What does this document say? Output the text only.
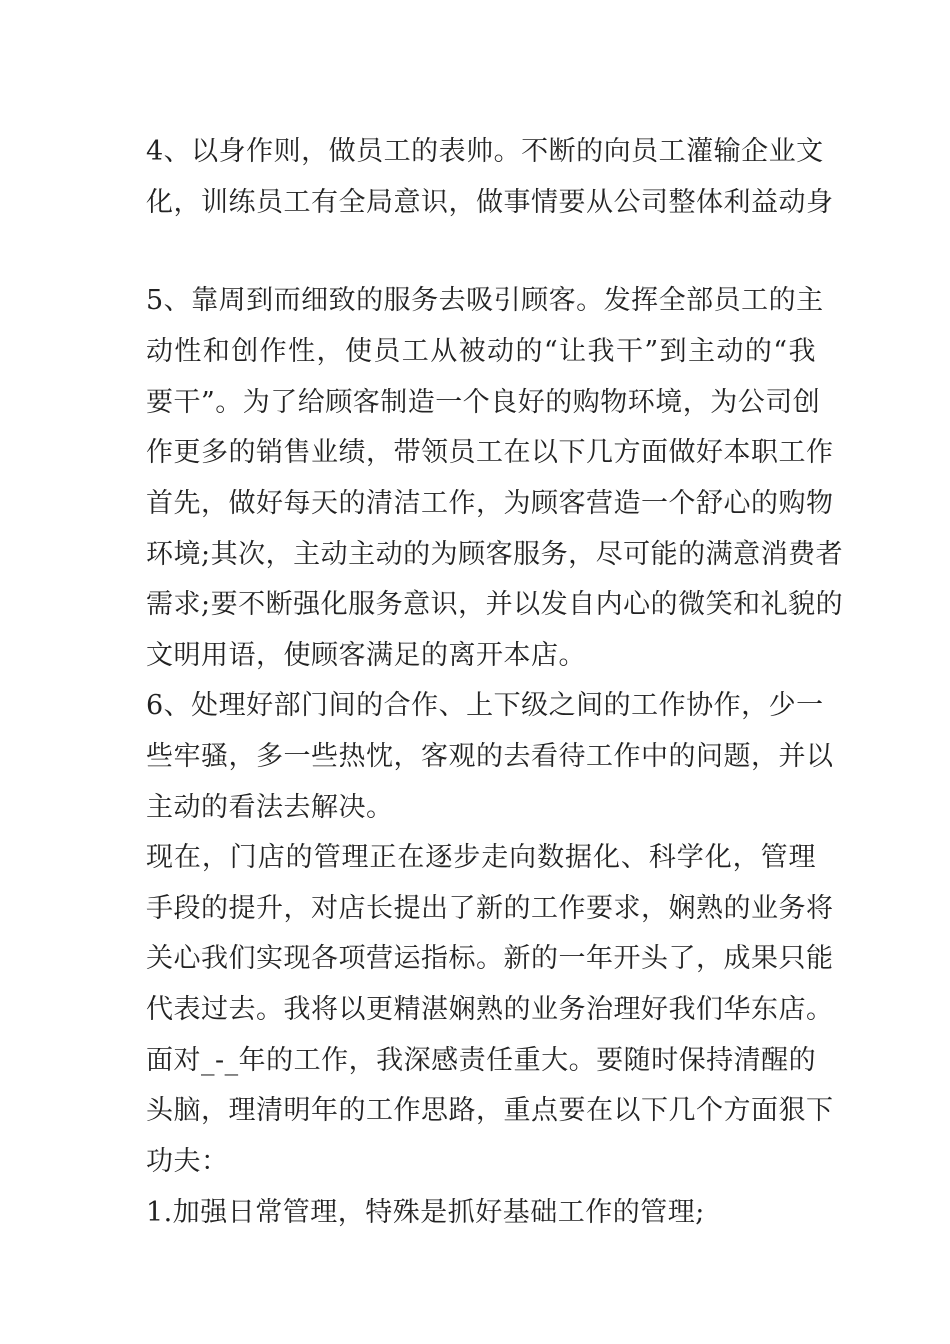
4、以身作则，做员工的表帅。不断的向员工灌输企业文
化，训练员工有全局意识，做事情要从公司整体利益动身
5、靠周到而细致的服务去吸引顾客。发挥全部员工的主
动性和创作性，使员工从被动的“让我干”到主动的“我
要干”。为了给顾客制造一个良好的购物环境，为公司创
作更多的销售业绩，带领员工在以下几方面做好本职工作
首先，做好每天的清洁工作，为顾客营造一个舒心的购物
环境;其次，主动主动的为顾客服务，尽可能的满意消费者
需求;要不断强化服务意识，并以发自内心的微笑和礼貌的
文明用语，使顾客满足的离开本店。
6、处理好部门间的合作、上下级之间的工作协作，少一
些牢骚，多一些热忱，客观的去看待工作中的问题，并以
主动的看法去解决。
现在，门店的管理正在逐步走向数据化、科学化，管理
手段的提升，对店长提出了新的工作要求，娴熟的业务将
关心我们实现各项营运指标。新的一年开头了，成果只能
代表过去。我将以更精湛娴熟的业务治理好我们华东店。
面对_-_年的工作，我深感责任重大。要随时保持清醒的
头脑，理清明年的工作思路，重点要在以下几个方面狠下
功夫：
1.加强日常管理，特殊是抓好基础工作的管理;
